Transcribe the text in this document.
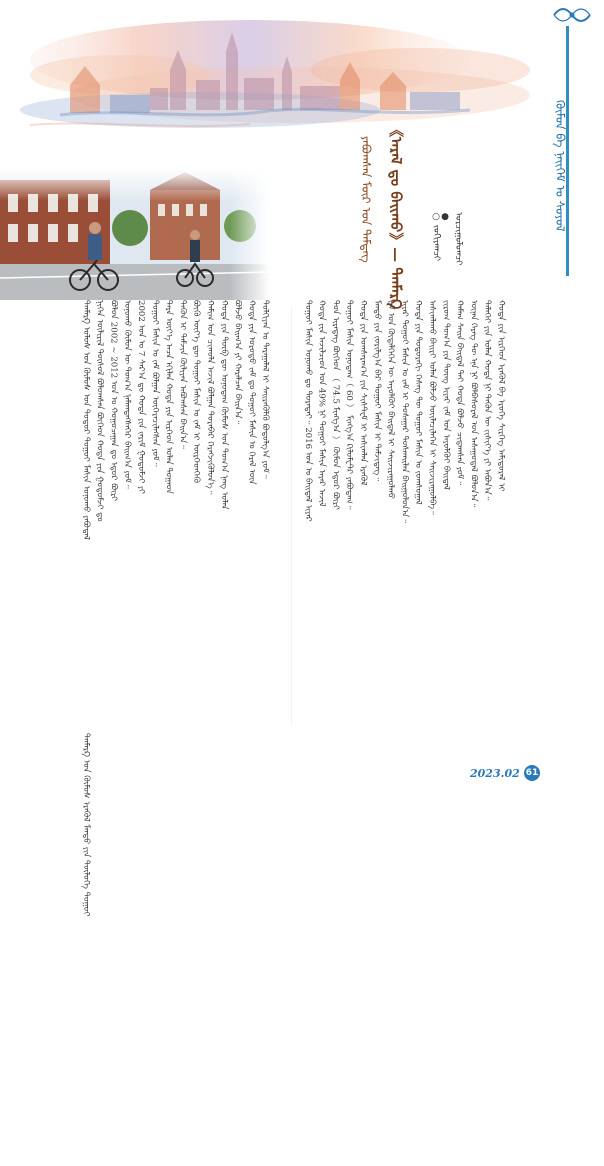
ᠬᠥᠮᠥᠨ ᠪᠠ ᠨᠡᠢᠭᠡᠮ ᠤ ᠰᠣᠶᠣᠯ
《ᠠᠷᠠᠯ ᠳᠤ ᠪᠠᠢ᠌ᠬᠤ》— ᠳᠠᠨᠮᠠᠷᠺ
ᠶᠠᠪᠤᠭᠰᠠᠨ ᠮᠥᠷ ᠤᠨ ᠲᠡᠮᠳᠡᠭ	○ ᠵᠣᠬᠢᠶᠠᠭᠴᠢ ● ᠣᠷᠴᠢᠭᠤᠯᠤᠭᠴᠢ
ᠳᠠᠨᠮᠠᠷᠺ ᠤᠯᠤᠰ ᠤᠨ ᠬᠦᠮᠦᠰ ᠤᠨ ᠳᠤᠳᠤᠷ ᠳᠤᠭᠤᠢ ᠮᠠᠰᠢᠨ ᠤᠨᠤᠬᠤ ᠶᠠᠪᠤᠳᠠᠯ ᠨᠢᠭᠡᠨ ᠦᠯᠢᠷᠢᠯ ᠲᠥᠰᠦᠯ ᠪᠣᠯᠤᠭᠰᠠᠨ ᠪᠥᠭᠡᠳ ᠬᠣᠲᠠ ᠶᠢᠨ ᠭᠤᠳᠤᠮᠵᠢ ᠳᠤ ᠪᠣᠯᠤᠨ 2002 ~ 2012 ᠣᠨ ᠤ ᠬᠤᠭᠤᠴᠠᠭᠠᠨ ᠳᠤ ᠡᠳᠦᠷ ᠪᠦᠷᠢ ᠤᠨᠤᠬᠤ ᠬᠦᠮᠦᠨ ᠦ ᠲᠣᠭ᠎ᠠ ᠨᠡᠮᠡᠭ᠍ᠳᠡᠭᠰᠡᠭᠡᠷ ᠪᠠᠢ᠌ᠭ᠎ᠠ ᠶᠤᠮ᠃ 2002 ᠣᠨ ᠤ 7 ᠰᠠᠷ᠎ᠠ ᠳᠤ ᠬᠣᠲᠠ ᠶᠢᠨ ᠵᠠᠷᠢᠮ ᠭᠤᠳᠤᠮᠵᠢ ᠶᠢ ᠳᠤᠭᠤᠢ ᠮᠠᠰᠢᠨ ᠤ ᠵᠠᠮ ᠪᠣᠯᠭᠠᠨ ᠥᠭᠡᠷᠡᠴᠢᠯᠡᠭᠰᠡᠨ ᠶᠤᠮ᠃ ᠲᠡᠷᠡ ᠦᠶ᠎ᠡ ᠠᠴᠠ ᠡᠬᠢᠯᠡᠨ ᠬᠣᠲᠠ ᠶᠢᠨ ᠢᠷᠭᠡᠳ ᠣᠯᠠᠨ ᠲᠣᠭᠠᠳ ᠲᠡᠭᠦᠨ ᠢ ᠳᠡᠮᠵᠢᠨ ᠬᠦᠯᠢᠶᠡᠨ ᠠᠪᠤᠭᠰᠠᠨ ᠪᠠᠢ᠌ᠨ᠎ᠠ᠃ ᠪᠦᠬᠦ ᠦᠶ᠎ᠡ ᠳᠦ ᠳᠤᠭᠤᠢ ᠮᠠᠰᠢᠨ ᠤ ᠵᠠᠮ ᠢ ᠥᠷᠭᠡᠳᠬᠡᠬᠦ ᠬᠠᠮᠢᠭ ᠤᠨ ᠴᠢᠬᠤᠯᠠ ᠠᠵᠢᠯ ᠪᠣᠯᠭᠠᠨ ᠳᠤᠷᠠᠪᠠᠷ ᠬᠡᠷᠡᠭᠵᠢᠭᠦᠯᠦᠨ᠎ᠡ᠃ ᠬᠣᠲᠠ ᠶᠢᠨ ᠲᠥᠪ ᠳᠦ ᠤᠨᠤᠳᠠᠭ ᠬᠦᠮᠦᠰ ᠤᠨ ᠲᠣᠭ᠎ᠠ ᠨᠡᠩ ᠣᠯᠠᠨ ᠪᠣᠯᠵᠤ ᠪᠠᠢ᠌ᠭ᠎ᠠ ᠶᠢ ᠬᠠᠷᠠᠯᠴᠠᠨ ᠪᠠᠢ᠌ᠨ᠎ᠠ᠃ ᠬᠣᠲᠠ ᠶᠢᠨ ᠤᠷᠤᠳᠤ ᠵᠠᠮ ᠳᠤ ᠳᠤᠭᠤᠢ ᠮᠠᠰᠢᠨ ᠤ ᠭᠡᠷᠡᠯ ᠦᠨ ᠳᠣᠯᠭᠢᠶᠠᠨ ᠤ ᠳᠠᠷᠠᠭᠠᠯᠠᠯ ᠢ ᠰᠡᠢ᠌ᠷᠡᠭᠦᠯᠬᠦ ᠪᠣᠳᠤᠯᠭ᠎ᠠ ᠶᠤᠮ᠃
ᠳᠠᠨᠮᠠᠷᠺ ᠤᠨ ᠬᠦᠮᠦᠰ ᠡᠷᠡᠬᠦᠯ ᠮᠡᠨᠳᠦ ᠶᠢᠨ ᠲᠥᠯᠦᠭᠡ ᠳᠤᠭᠤᠢ
ᠳᠤᠭᠤᠢ ᠮᠠᠰᠢᠨ ᠤᠨᠤᠬᠤ ᠳᠤ ᠳᠤᠷᠠᠲᠠᠢ᠃ 2016 ᠣᠨ ᠤ ᠪᠠᠢ᠌ᠳᠠᠯ ᠢᠶᠠᠷ ᠬᠣᠲᠠ ᠶᠢᠨ ᠠᠵᠢᠯᠴᠢᠳ ᠤᠨ 49% ᠨᠢ ᠳᠤᠭᠤᠢ ᠮᠠᠰᠢᠨ ᠠᠶᠠᠷ ᠠᠵᠢᠯ ᠳᠤᠨ ᠢᠷᠡᠳᠡᠭ ᠪᠥᠭᠡᠳ （ 74.5 ᠮᠢᠩᠭ᠎ᠠ ） ᠬᠦᠮᠦᠨ ᠡᠳᠦᠷ ᠪᠦᠷᠢ ᠳᠤᠭᠤᠢ ᠮᠠᠰᠢᠨ ᠤᠨᠤᠳᠠᠭ（ 60 ） ᠮᠢᠩᠭ᠎ᠠ ᠺᠢᠯᠤᠮᠧᠲᠷ ᠶᠠᠪᠤᠳᠠᠭ᠃ ᠬᠣᠲᠠ ᠶᠢᠨ ᠤᠭᠰᠠᠷᠠᠭ᠎ᠠ ᠶᠢᠨ ᠰᠢᠰᠲ᠋ᠧᠮ ᠢ ᠠᠰᠢᠭᠯᠠᠨ ᠡᠷᠡᠭᠦᠯ ᠮᠡᠨᠳᠦ ᠶᠢᠨ ᠵᠣᠷᠢᠯᠭ᠎ᠠ ᠪᠠᠷ ᠳᠤᠭᠤᠢ ᠮᠠᠰᠢᠨ ᠢ ᠳᠡᠮᠵᠢᠳᠡᠭ᠃ ᠵᠠᠮ ᠤᠨ ᠬᠥᠳᠡᠯᠭᠡᠭᠡᠨ ᠦ ᠠᠶᠤᠯᠭᠦᠢ ᠪᠠᠢ᠌ᠳᠠᠯ ᠢ ᠰᠠᠢ᠌ᠵᠢᠷᠠᠭᠤᠯᠬᠤ ᠢᠶᠠᠷ ᠳᠤᠭᠤᠢ ᠮᠠᠰᠢᠨ ᠤ ᠵᠠᠮ ᠢ ᠲᠤᠰᠠᠭᠠᠷ ᠲᠤᠰᠬᠠᠢ᠌ᠯᠠᠨ ᠪᠠᠢ᠌ᠭᠤᠯᠤᠨ᠎ᠠ᠃ ᠬᠣᠲᠠ ᠶᠢᠨ ᠳᠣᠲᠣᠷᠠᠬᠢ ᠬᠡᠰᠡᠭ ᠲᠦ ᠳᠤᠭᠤᠢ ᠮᠠᠰᠢᠨ ᠤ ᠵᠣᠭᠰᠣᠭᠠᠯ ᠠᠰᠢᠭᠯᠠᠬᠤ ᠪᠠᠢ᠌ᠷᠢ ᠣᠯᠠᠨ ᠪᠣᠯᠵᠤ ᠦᠢᠯᠡᠴᠢᠯᠡᠭᠡᠨ ᠢ ᠰᠠᠢ᠌ᠵᠢᠷᠠᠭᠤᠯᠪᠠ᠃ ᠵᠢᠷᠤᠭ ᠲᠣᠭ᠎ᠠ ᠶᠢᠨ ᠳᠦᠩ ᠢᠶᠠᠷ ᠵᠠᠮ ᠤᠨ ᠠᠶᠤᠯᠭᠦᠢ ᠪᠠᠢ᠌ᠳᠠᠯ ᠬᠠᠮᠠᠭ ᠰᠠᠢ᠌ᠨ ᠪᠠᠢ᠌ᠳᠠᠯ ᠲᠠᠢ ᠬᠣᠲᠠ ᠪᠣᠯᠵᠤ ᠴᠢᠳᠠᠭᠰᠠᠨ ᠶᠤᠮ᠃ ᠦᠨᠡᠨ ᠬᠡᠷᠡᠭ ᠲᠦ ᠡᠨᠡ ᠨᠢ ᠪᠣᠯᠪᠠᠰᠤᠷᠠᠯ ᠤᠨ ᠠᠰᠠᠭᠤᠳᠠᠯ ᠪᠣᠯᠣᠨ᠎ᠠ᠃ ᠳᠡᠯᠡᠬᠡᠢ ᠶᠢᠨ ᠣᠯᠠᠨ ᠬᠣᠲᠠ ᠨᠢ ᠲᠡᠭᠦᠨ ᠦ ᠵᠢᠱᠢᠶ᠎ᠡ ᠶᠢ ᠠᠪᠤᠨ᠎ᠠ᠃ ᠬᠣᠲᠠ ᠶᠢᠨ ᠢᠷᠭᠡᠳ ᠡᠷᠡᠭᠦᠯ ᠪᠠ ᠡᠷᠦᠬᠡ ᠰᠢᠷᠭᠡᠭ ᠠᠮᠢᠳᠤᠷᠠᠯ ᠢ
2023.02 61
